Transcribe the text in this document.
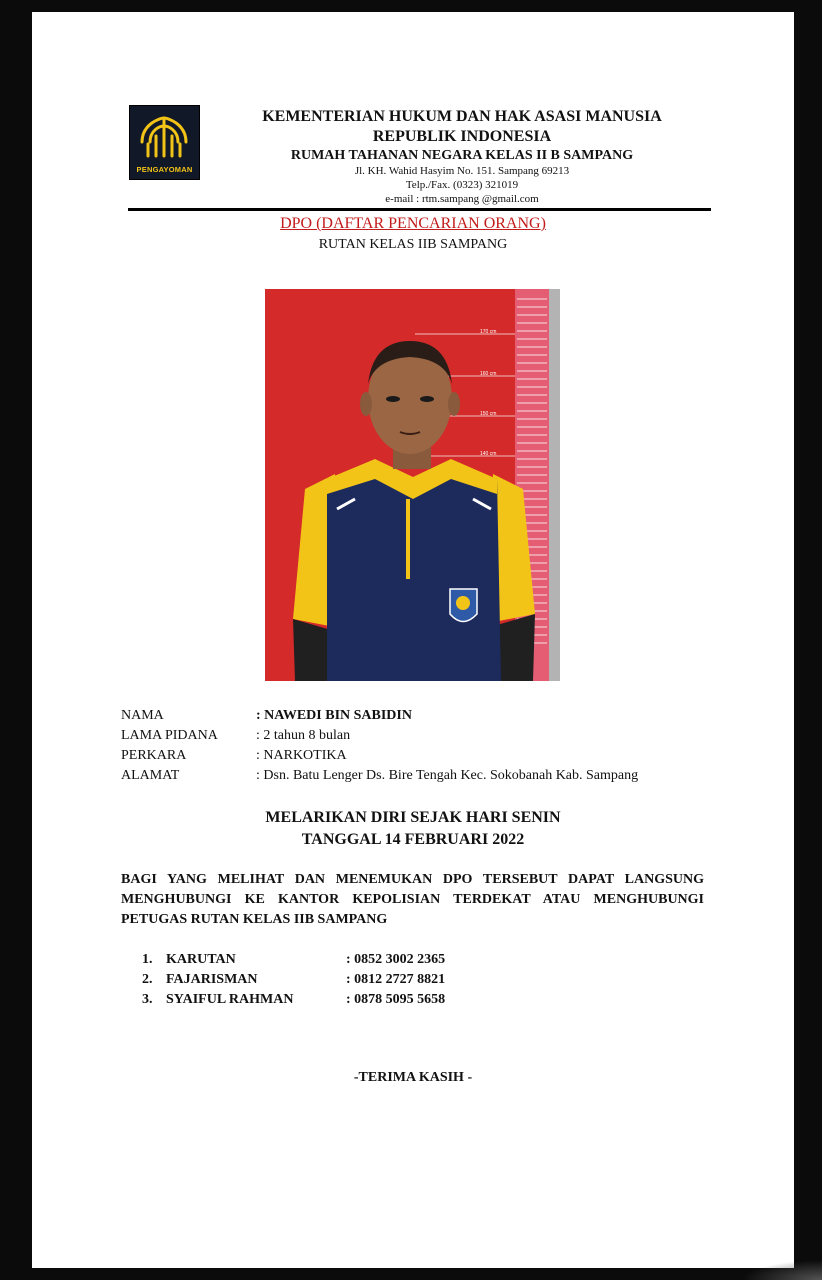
PENGAYOMAN

KEMENTERIAN HUKUM DAN HAK ASASI MANUSIA

REPUBLIK INDONESIA

RUMAH TAHANAN NEGARA KELAS II B SAMPANG

Jl. KH. Wahid Hasyim No. 151. Sampang 69213

Telp./Fax. (0323) 321019

e-mail : rtm.sampang @gmail.com

DPO (DAFTAR PENCARIAN ORANG)
RUTAN KELAS IIB SAMPANG
170 cm
160 cm
150 cm
140 cm
NAMA	: NAWEDI BIN SABIDIN
LAMA PIDANA	: 2 tahun 8 bulan
PERKARA	: NARKOTIKA
ALAMAT	: Dsn. Batu Lenger Ds. Bire Tengah Kec. Sokobanah Kab. Sampang
MELARIKAN DIRI SEJAK HARI SENIN
TANGGAL 14 FEBRUARI 2022
BAGI YANG MELIHAT DAN MENEMUKAN DPO TERSEBUT DAPAT LANGSUNG MENGHUBUNGI KE KANTOR KEPOLISIAN TERDEKAT ATAU MENGHUBUNGI PETUGAS RUTAN KELAS IIB SAMPANG
1. KARUTAN	: 0852 3002 2365
2. FAJARISMAN	: 0812 2727 8821
3. SYAIFUL RAHMAN	: 0878 5095 5658
-TERIMA KASIH -
